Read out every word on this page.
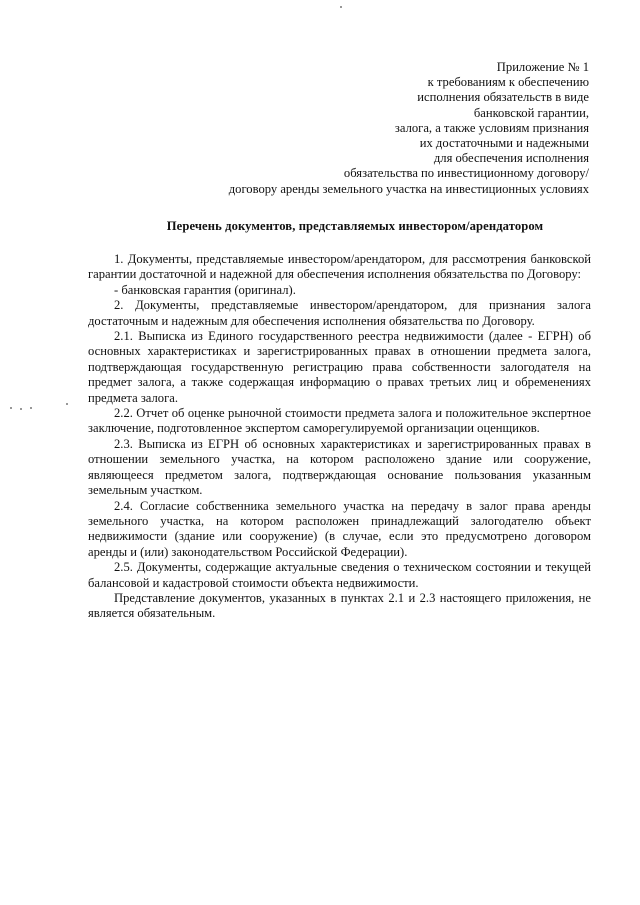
Приложение № 1
к требованиям к обеспечению
исполнения обязательств в виде
банковской гарантии,
залога, а также условиям признания
их достаточными и надежными
для обеспечения исполнения
обязательства по инвестиционному договору/
договору аренды земельного участка на инвестиционных условиях
Перечень документов, представляемых инвестором/арендатором

1. Документы, представляемые инвестором/арендатором, для рассмотрения банковской гарантии достаточной и надежной для обеспечения исполнения обязательства по Договору:

- банковская гарантия (оригинал).

2. Документы, представляемые инвестором/арендатором, для признания залога достаточным и надежным для обеспечения исполнения обязательства по Договору.

2.1. Выписка из Единого государственного реестра недвижимости (далее - ЕГРН) об основных характеристиках и зарегистрированных правах в отношении предмета залога, подтверждающая государственную регистрацию права собственности залогодателя на предмет залога, а также содержащая информацию о правах третьих лиц и обременениях предмета залога.

2.2. Отчет об оценке рыночной стоимости предмета залога и положительное экспертное заключение, подготовленное экспертом саморегулируемой организации оценщиков.

2.3. Выписка из ЕГРН об основных характеристиках и зарегистрированных правах в отношении земельного участка, на котором расположено здание или сооружение, являющееся предметом залога, подтверждающая основание пользования указанным земельным участком.

2.4. Согласие собственника земельного участка на передачу в залог права аренды земельного участка, на котором расположен принадлежащий залогодателю объект недвижимости (здание или сооружение) (в случае, если это предусмотрено договором аренды и (или) законодательством Российской Федерации).

2.5. Документы, содержащие актуальные сведения о техническом состоянии и текущей балансовой и кадастровой стоимости объекта недвижимости.

Представление документов, указанных в пунктах 2.1 и 2.3 настоящего приложения, не является обязательным.
